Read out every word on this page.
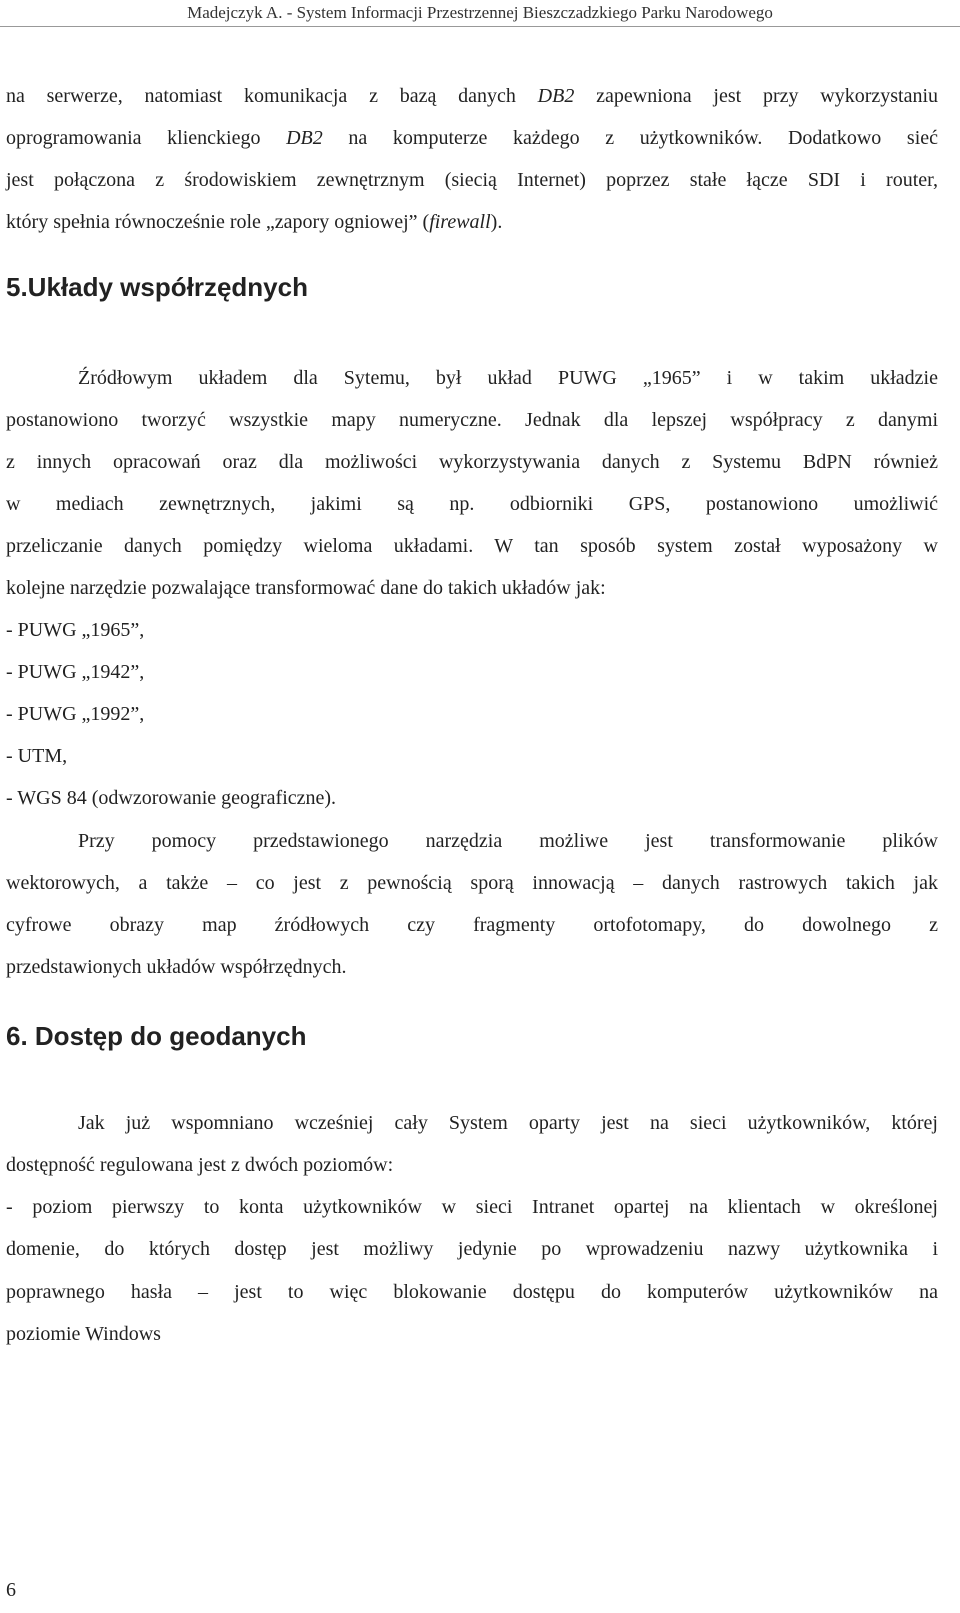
Madejczyk A. - System Informacji Przestrzennej Bieszczadzkiego Parku Narodowego
na serwerze, natomiast komunikacja z bazą danych DB2 zapewniona jest przy wykorzystaniu
oprogramowania klienckiego DB2 na komputerze każdego z użytkowników. Dodatkowo sieć
jest połączona z środowiskiem zewnętrznym (siecią Internet) poprzez stałe łącze SDI i router,
który spełnia równocześnie role „zapory ogniowej” (firewall).
5.Układy współrzędnych
Źródłowym układem dla Sytemu, był układ PUWG „1965” i w takim układzie
postanowiono tworzyć wszystkie mapy numeryczne. Jednak dla lepszej współpracy z danymi
z innych opracowań oraz dla możliwości wykorzystywania danych z Systemu BdPN również
w mediach zewnętrznych, jakimi są np. odbiorniki GPS, postanowiono umożliwić
przeliczanie danych pomiędzy wieloma układami. W tan sposób system został wyposażony w
kolejne narzędzie pozwalające transformować dane do takich układów jak:
- PUWG „1965”,
- PUWG „1942”,
- PUWG „1992”,
- UTM,
- WGS 84 (odwzorowanie geograficzne).
Przy pomocy przedstawionego narzędzia możliwe jest transformowanie plików
wektorowych, a także – co jest z pewnością sporą innowacją – danych rastrowych takich jak
cyfrowe obrazy map źródłowych czy fragmenty ortofotomapy, do dowolnego z
przedstawionych układów współrzędnych.
6. Dostęp do geodanych
Jak już wspomniano wcześniej cały System oparty jest na sieci użytkowników, której
dostępność regulowana jest z dwóch poziomów:
- poziom pierwszy to konta użytkowników w sieci Intranet opartej na klientach w określonej
domenie, do których dostęp jest możliwy jedynie po wprowadzeniu nazwy użytkownika i
poprawnego hasła – jest to więc blokowanie dostępu do komputerów użytkowników na
poziomie Windows
6
